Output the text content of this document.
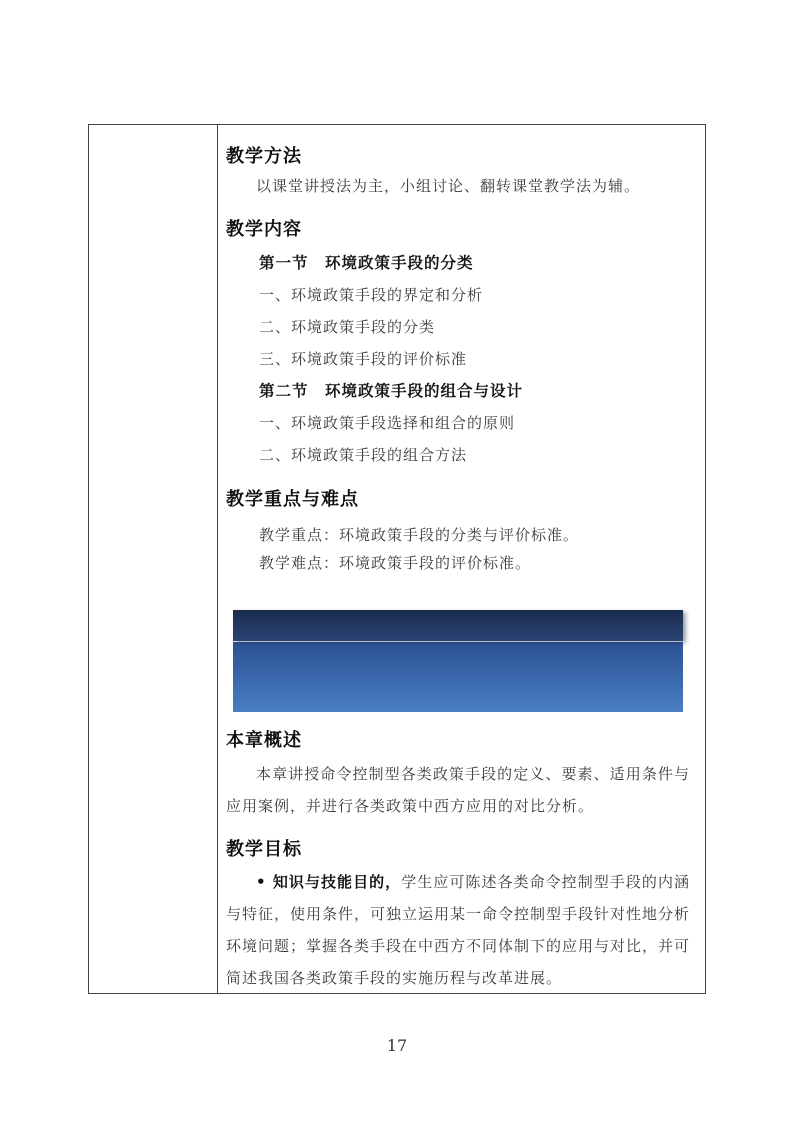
教学方法

以课堂讲授法为主，小组讨论、翻转课堂教学法为辅。

教学内容

第一节　环境政策手段的分类

一、环境政策手段的界定和分析

二、环境政策手段的分类

三、环境政策手段的评价标准

第二节　环境政策手段的组合与设计

一、环境政策手段选择和组合的原则

二、环境政策手段的组合方法

教学重点与难点

教学重点：环境政策手段的分类与评价标准。

教学难点：环境政策手段的评价标准。

本章概述

本章讲授命令控制型各类政策手段的定义、要素、适用条件与应用案例，并进行各类政策中西方应用的对比分析。

教学目标

• 知识与技能目的，学生应可陈述各类命令控制型手段的内涵与特征，使用条件，可独立运用某一命令控制型手段针对性地分析环境问题；掌握各类手段在中西方不同体制下的应用与对比，并可简述我国各类政策手段的实施历程与改革进展。

17
